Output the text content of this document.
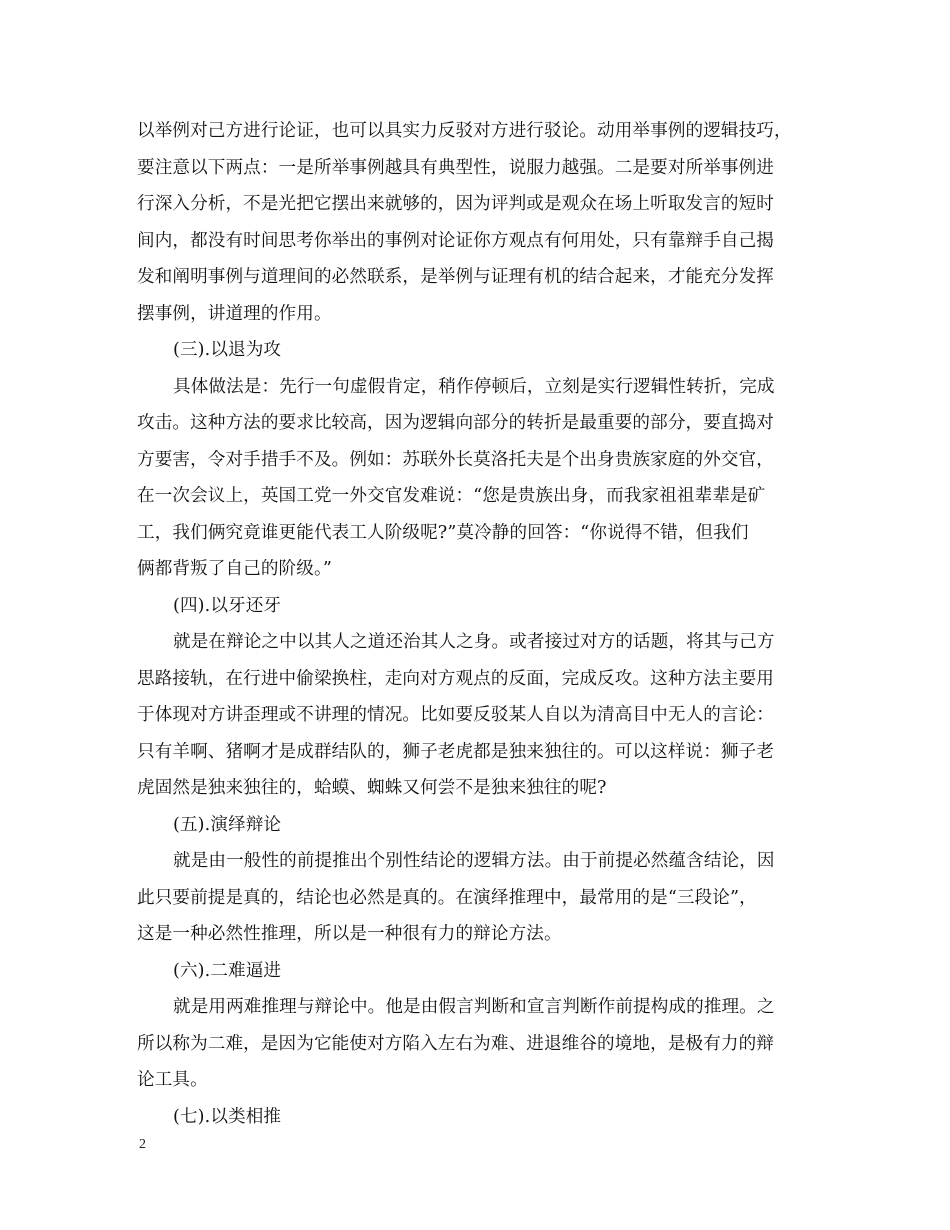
以举例对己方进行论证，也可以具实力反驳对方进行驳论。动用举事例的逻辑技巧，
要注意以下两点：一是所举事例越具有典型性，说服力越强。二是要对所举事例进
行深入分析，不是光把它摆出来就够的，因为评判或是观众在场上听取发言的短时
间内，都没有时间思考你举出的事例对论证你方观点有何用处，只有靠辩手自己揭
发和阐明事例与道理间的必然联系，是举例与证理有机的结合起来，才能充分发挥
摆事例，讲道理的作用。
(三).以退为攻
具体做法是：先行一句虚假肯定，稍作停顿后，立刻是实行逻辑性转折，完成
攻击。这种方法的要求比较高，因为逻辑向部分的转折是最重要的部分，要直捣对
方要害，令对手措手不及。例如：苏联外长莫洛托夫是个出身贵族家庭的外交官，
在一次会议上，英国工党一外交官发难说：“您是贵族出身，而我家祖祖辈辈是矿
工，我们俩究竟谁更能代表工人阶级呢?”莫冷静的回答：“你说得不错，但我们
俩都背叛了自己的阶级。”
(四).以牙还牙
就是在辩论之中以其人之道还治其人之身。或者接过对方的话题，将其与己方
思路接轨，在行进中偷梁换柱，走向对方观点的反面，完成反攻。这种方法主要用
于体现对方讲歪理或不讲理的情况。比如要反驳某人自以为清高目中无人的言论：
只有羊啊、猪啊才是成群结队的，狮子老虎都是独来独往的。可以这样说：狮子老
虎固然是独来独往的，蛤蟆、蜘蛛又何尝不是独来独往的呢?
(五).演绎辩论
就是由一般性的前提推出个别性结论的逻辑方法。由于前提必然蕴含结论，因
此只要前提是真的，结论也必然是真的。在演绎推理中，最常用的是“三段论”，
这是一种必然性推理，所以是一种很有力的辩论方法。
(六).二难逼进
就是用两难推理与辩论中。他是由假言判断和宣言判断作前提构成的推理。之
所以称为二难，是因为它能使对方陷入左右为难、进退维谷的境地，是极有力的辩
论工具。
(七).以类相推
2
